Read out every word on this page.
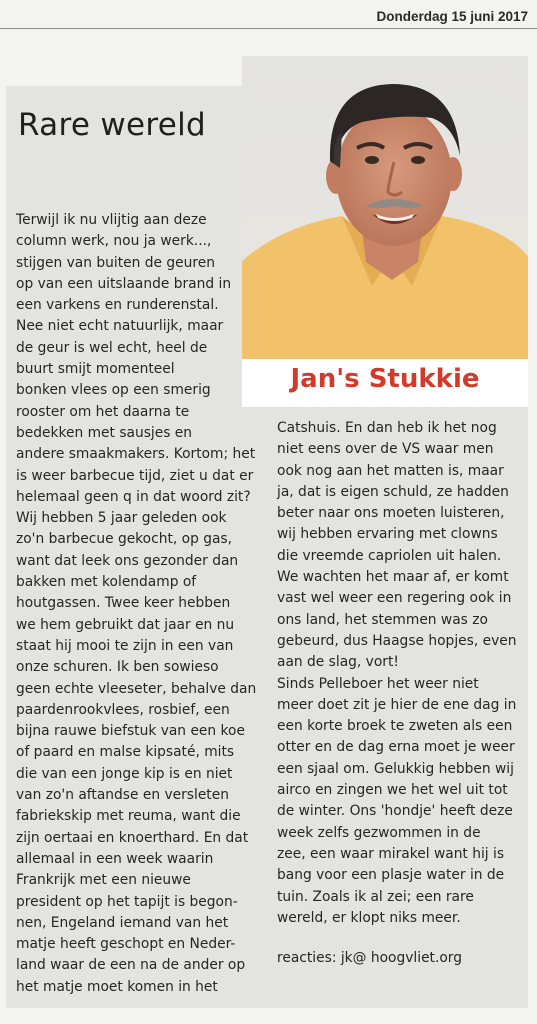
Donderdag 15 juni 2017
Rare wereld
Jan's Stukkie
Terwijl ik nu vlijtig aan deze
column werk, nou ja werk...,
stijgen van buiten de geuren
op van een uitslaande brand in
een varkens en runderenstal.
Nee niet echt natuurlijk, maar
de geur is wel echt, heel de
buurt smijt momenteel
bonken vlees op een smerig
rooster om het daarna te
bedekken met sausjes en
andere smaakmakers. Kortom; het
is weer barbecue tijd, ziet u dat er
helemaal geen q in dat woord zit?
Wij hebben 5 jaar geleden ook
zo'n barbecue gekocht, op gas,
want dat leek ons gezonder dan
bakken met kolendamp of
houtgassen. Twee keer hebben
we hem gebruikt dat jaar en nu
staat hij mooi te zijn in een van
onze schuren. Ik ben sowieso
geen echte vleeseter, behalve dan
paardenrookvlees, rosbief, een
bijna rauwe biefstuk van een koe
of paard en malse kipsaté, mits
die van een jonge kip is en niet
van zo'n aftandse en versleten
fabriekskip met reuma, want die
zijn oertaai en knoerthard. En dat
allemaal in een week waarin
Frankrijk met een nieuwe
president op het tapijt is begon-
nen, Engeland iemand van het
matje heeft geschopt en Neder-
land waar de een na de ander op
het matje moet komen in het
Catshuis. En dan heb ik het nog
niet eens over de VS waar men
ook nog aan het matten is, maar
ja, dat is eigen schuld, ze hadden
beter naar ons moeten luisteren,
wij hebben ervaring met clowns
die vreemde capriolen uit halen.
We wachten het maar af, er komt
vast wel weer een regering ook in
ons land, het stemmen was zo
gebeurd, dus Haagse hopjes, even
aan de slag, vort!
Sinds Pelleboer het weer niet
meer doet zit je hier de ene dag in
een korte broek te zweten als een
otter en de dag erna moet je weer
een sjaal om. Gelukkig hebben wij
airco en zingen we het wel uit tot
de winter. Ons 'hondje' heeft deze
week zelfs gezwommen in de
zee, een waar mirakel want hij is
bang voor een plasje water in de
tuin. Zoals ik al zei; een rare
wereld, er klopt niks meer.
reacties: jk@ hoogvliet.org
